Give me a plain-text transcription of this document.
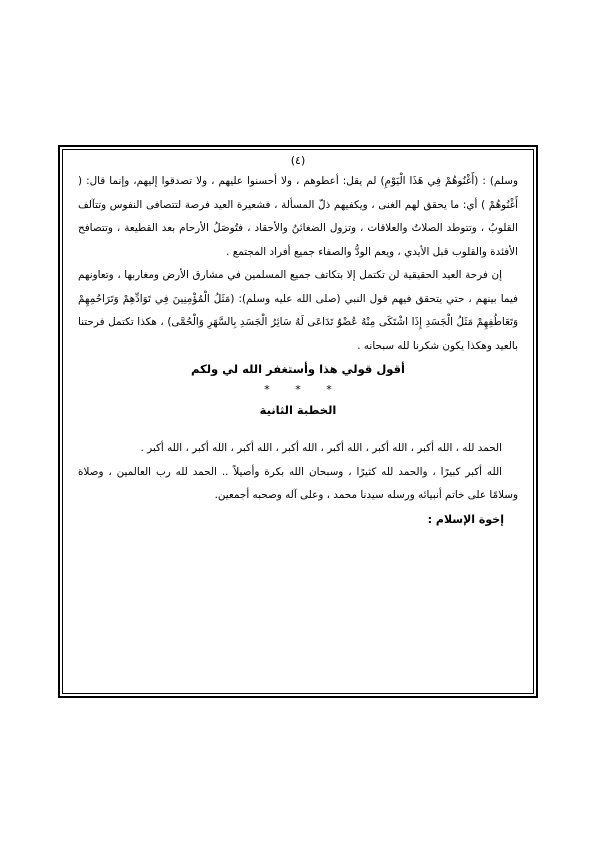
(٤)

وسلم) : (أَغْنُوهُمْ فِي هَذَا الْيَوْمِ) لم يقل: أعطوهم ، ولا أحسنوا عليهم ، ولا تصدقوا إليهم، وإنما قال: ( أَغْنُوهُمْ ) أي: ما يحقق لهم الغنى ، ويكفيهم ذلّ المسألة ، فشعيرة العيد فرصة لتتصافى النفوس وتتآلف القلوبُ ، وتتوطد الصلاتُ والعلاقات ، وتزول الضغائنُ والأحقاد ، فتُوصَلُ الأرحام بعد القطيعة ، وتتصافح الأفئدة والقلوب قبل الأيدي ، ويعم الودُّ والصفاء جميع أفراد المجتمع .

إن فرحة العيد الحقيقية لن تكتمل إلا بتكاتف جميع المسلمين في مشارق الأرض ومغاربها ، وتعاونهم فيما بينهم ، حتي يتحقق فيهم قول النبي (صلى الله عليه وسلم): (مَثَلُ الْمُؤْمِنِينَ فِي تَوَادِّهِمْ وَتَرَاحُمِهِمْ وَتَعَاطُفِهِمْ مَثَلُ الْجَسَدِ إِذَا اشْتَكَى مِنْهُ عُضْوٌ تَدَاعَى لَهُ سَائِرُ الْجَسَدِ بِالسَّهَرِ وَالْحُمَّى) ، هكذا تكتمل فرحتنا بالعيد وهكذا يكون شكرنا لله سبحانه .

أقول قولي هذا وأستغفر الله لي ولكم
* * *
الخطبة الثانية

الحمد لله ، الله أكبر ، الله أكبر ، الله أكبر ، الله أكبر ، الله أكبر ، الله أكبر ، الله أكبر .

الله أكبر كبيرًا ، والحمد لله كثيرًا ، وسبحان الله بكرة وأصيلاً .. الحمد لله رب العالمين ، وصلاة وسلامًا على خاتم أنبيائه ورسله سيدنا محمد ، وعلى آله وصحبه أجمعين.

إخوة الإسلام :
